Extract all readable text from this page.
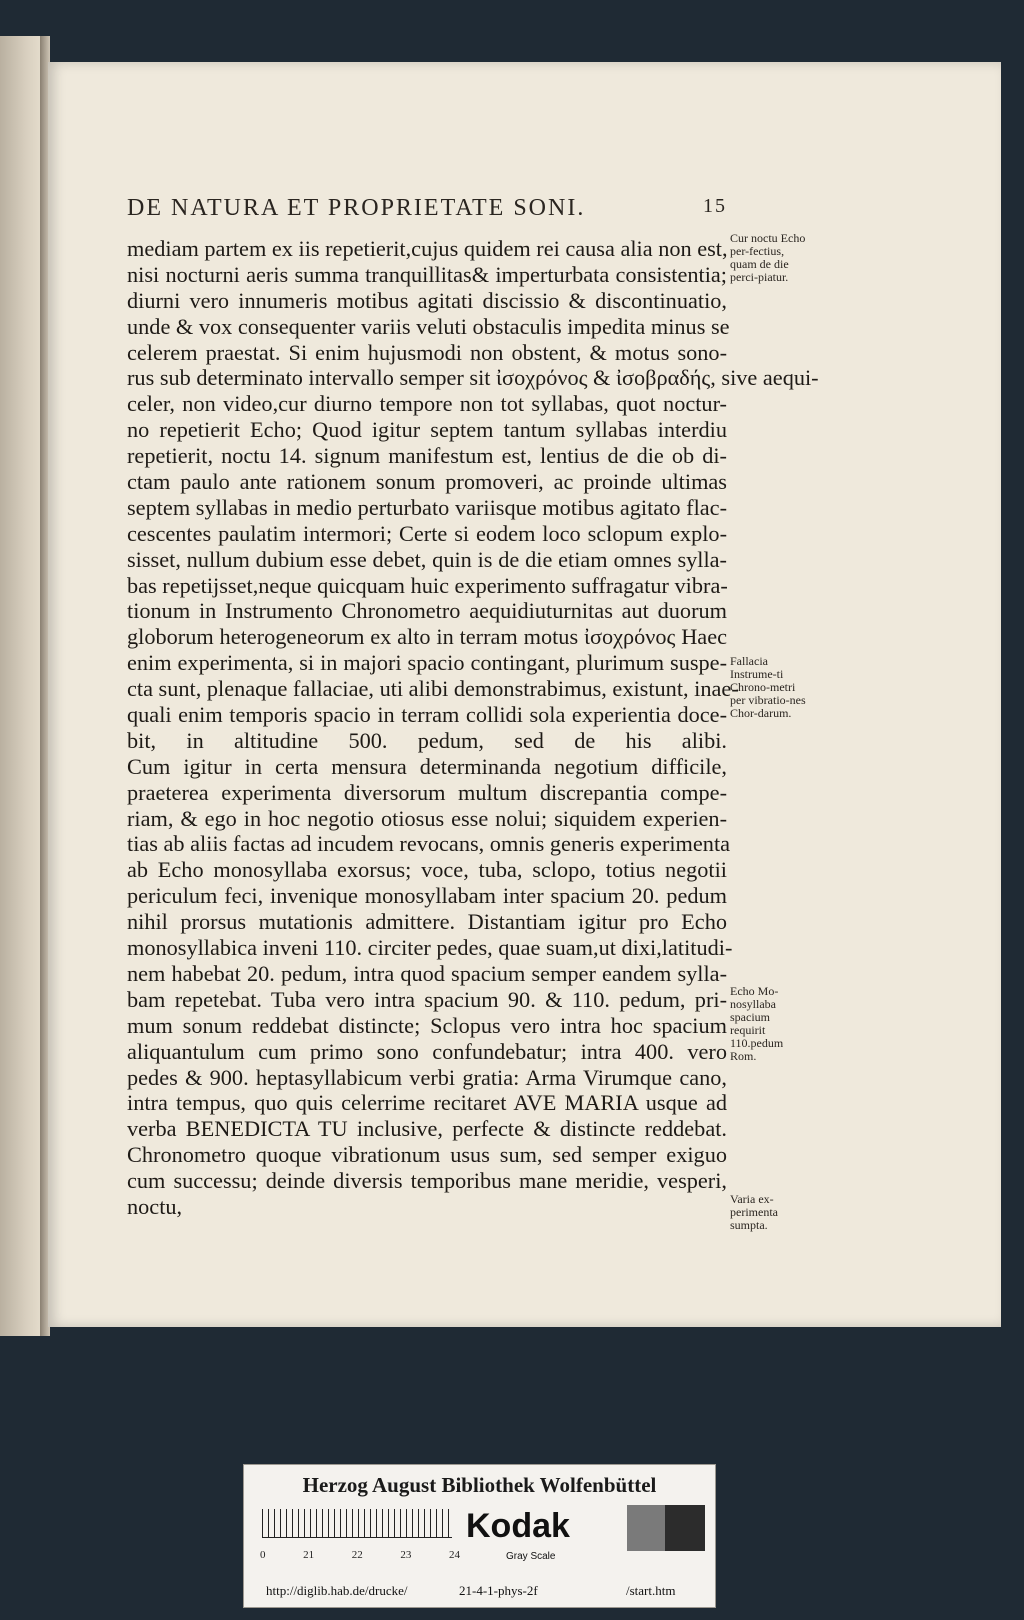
DE NATURA ET PROPRIETATE SONI.	15
mediam partem ex iis repetierit,cujus quidem rei causa alia non est,
nisi nocturni aeris summa tranquillitas& imperturbata consistentia;
diurni vero innumeris motibus agitati discissio & discontinuatio,
unde & vox consequenter variis veluti obstaculis impedita minus se
celerem praestat. Si enim hujusmodi non obstent, & motus sono-
rus sub determinato intervallo semper sit ἰσοχρόνος & ἰσοβραδής, sive aequi-
celer, non video,cur diurno tempore non tot syllabas, quot noctur-
no repetierit Echo; Quod igitur septem tantum syllabas interdiu
repetierit, noctu 14. signum manifestum est, lentius de die ob di-
ctam paulo ante rationem sonum promoveri, ac proinde ultimas
septem syllabas in medio perturbato variisque motibus agitato flac-
cescentes paulatim intermori; Certe si eodem loco sclopum explo-
sisset, nullum dubium esse debet, quin is de die etiam omnes sylla-
bas repetijsset,neque quicquam huic experimento suffragatur vibra-
tionum in Instrumento Chronometro aequidiuturnitas aut duorum
globorum heterogeneorum ex alto in terram motus ἰσοχρόνος Haec
enim experimenta, si in majori spacio contingant, plurimum suspe-
cta sunt, plenaque fallaciae, uti alibi demonstrabimus, existunt, inae-
quali enim temporis spacio in terram collidi sola experientia doce-
bit, in altitudine 500. pedum, sed de his alibi.
Cum igitur in certa mensura determinanda negotium difficile,
praeterea experimenta diversorum multum discrepantia compe-
riam, & ego in hoc negotio otiosus esse nolui; siquidem experien-
tias ab aliis factas ad incudem revocans, omnis generis experimenta
ab Echo monosyllaba exorsus; voce, tuba, sclopo, totius negotii
periculum feci, invenique monosyllabam inter spacium 20. pedum
nihil prorsus mutationis admittere. Distantiam igitur pro Echo
monosyllabica inveni 110. circiter pedes, quae suam,ut dixi,latitudi-
nem habebat 20. pedum, intra quod spacium semper eandem sylla-
bam repetebat. Tuba vero intra spacium 90. & 110. pedum, pri-
mum sonum reddebat distincte; Sclopus vero intra hoc spacium
aliquantulum cum primo sono confundebatur; intra 400. vero
pedes & 900. heptasyllabicum verbi gratia: Arma Virumque cano,
intra tempus, quo quis celerrime recitaret AVE MARIA usque ad
verba BENEDICTA TU inclusive, perfecte & distincte reddebat.
Chronometro quoque vibrationum usus sum, sed semper exiguo
cum successu; deinde diversis temporibus mane meridie, vesperi,
noctu,
Cur noctu Echo per-fectius, quam de die perci-piatur.
Fallacia Instrume-ti Chrono-metri per vibratio-nes Chor-darum.
Echo Mo-nosyllaba spacium requirit 110.pedum Rom.
Varia ex-perimenta sumpta.
Herzog August Bibliothek Wolfenbüttel
0	21	22	23	24
Kodak
Gray Scale
http://diglib.hab.de/drucke/	21-4-1-phys-2f	/start.htm
